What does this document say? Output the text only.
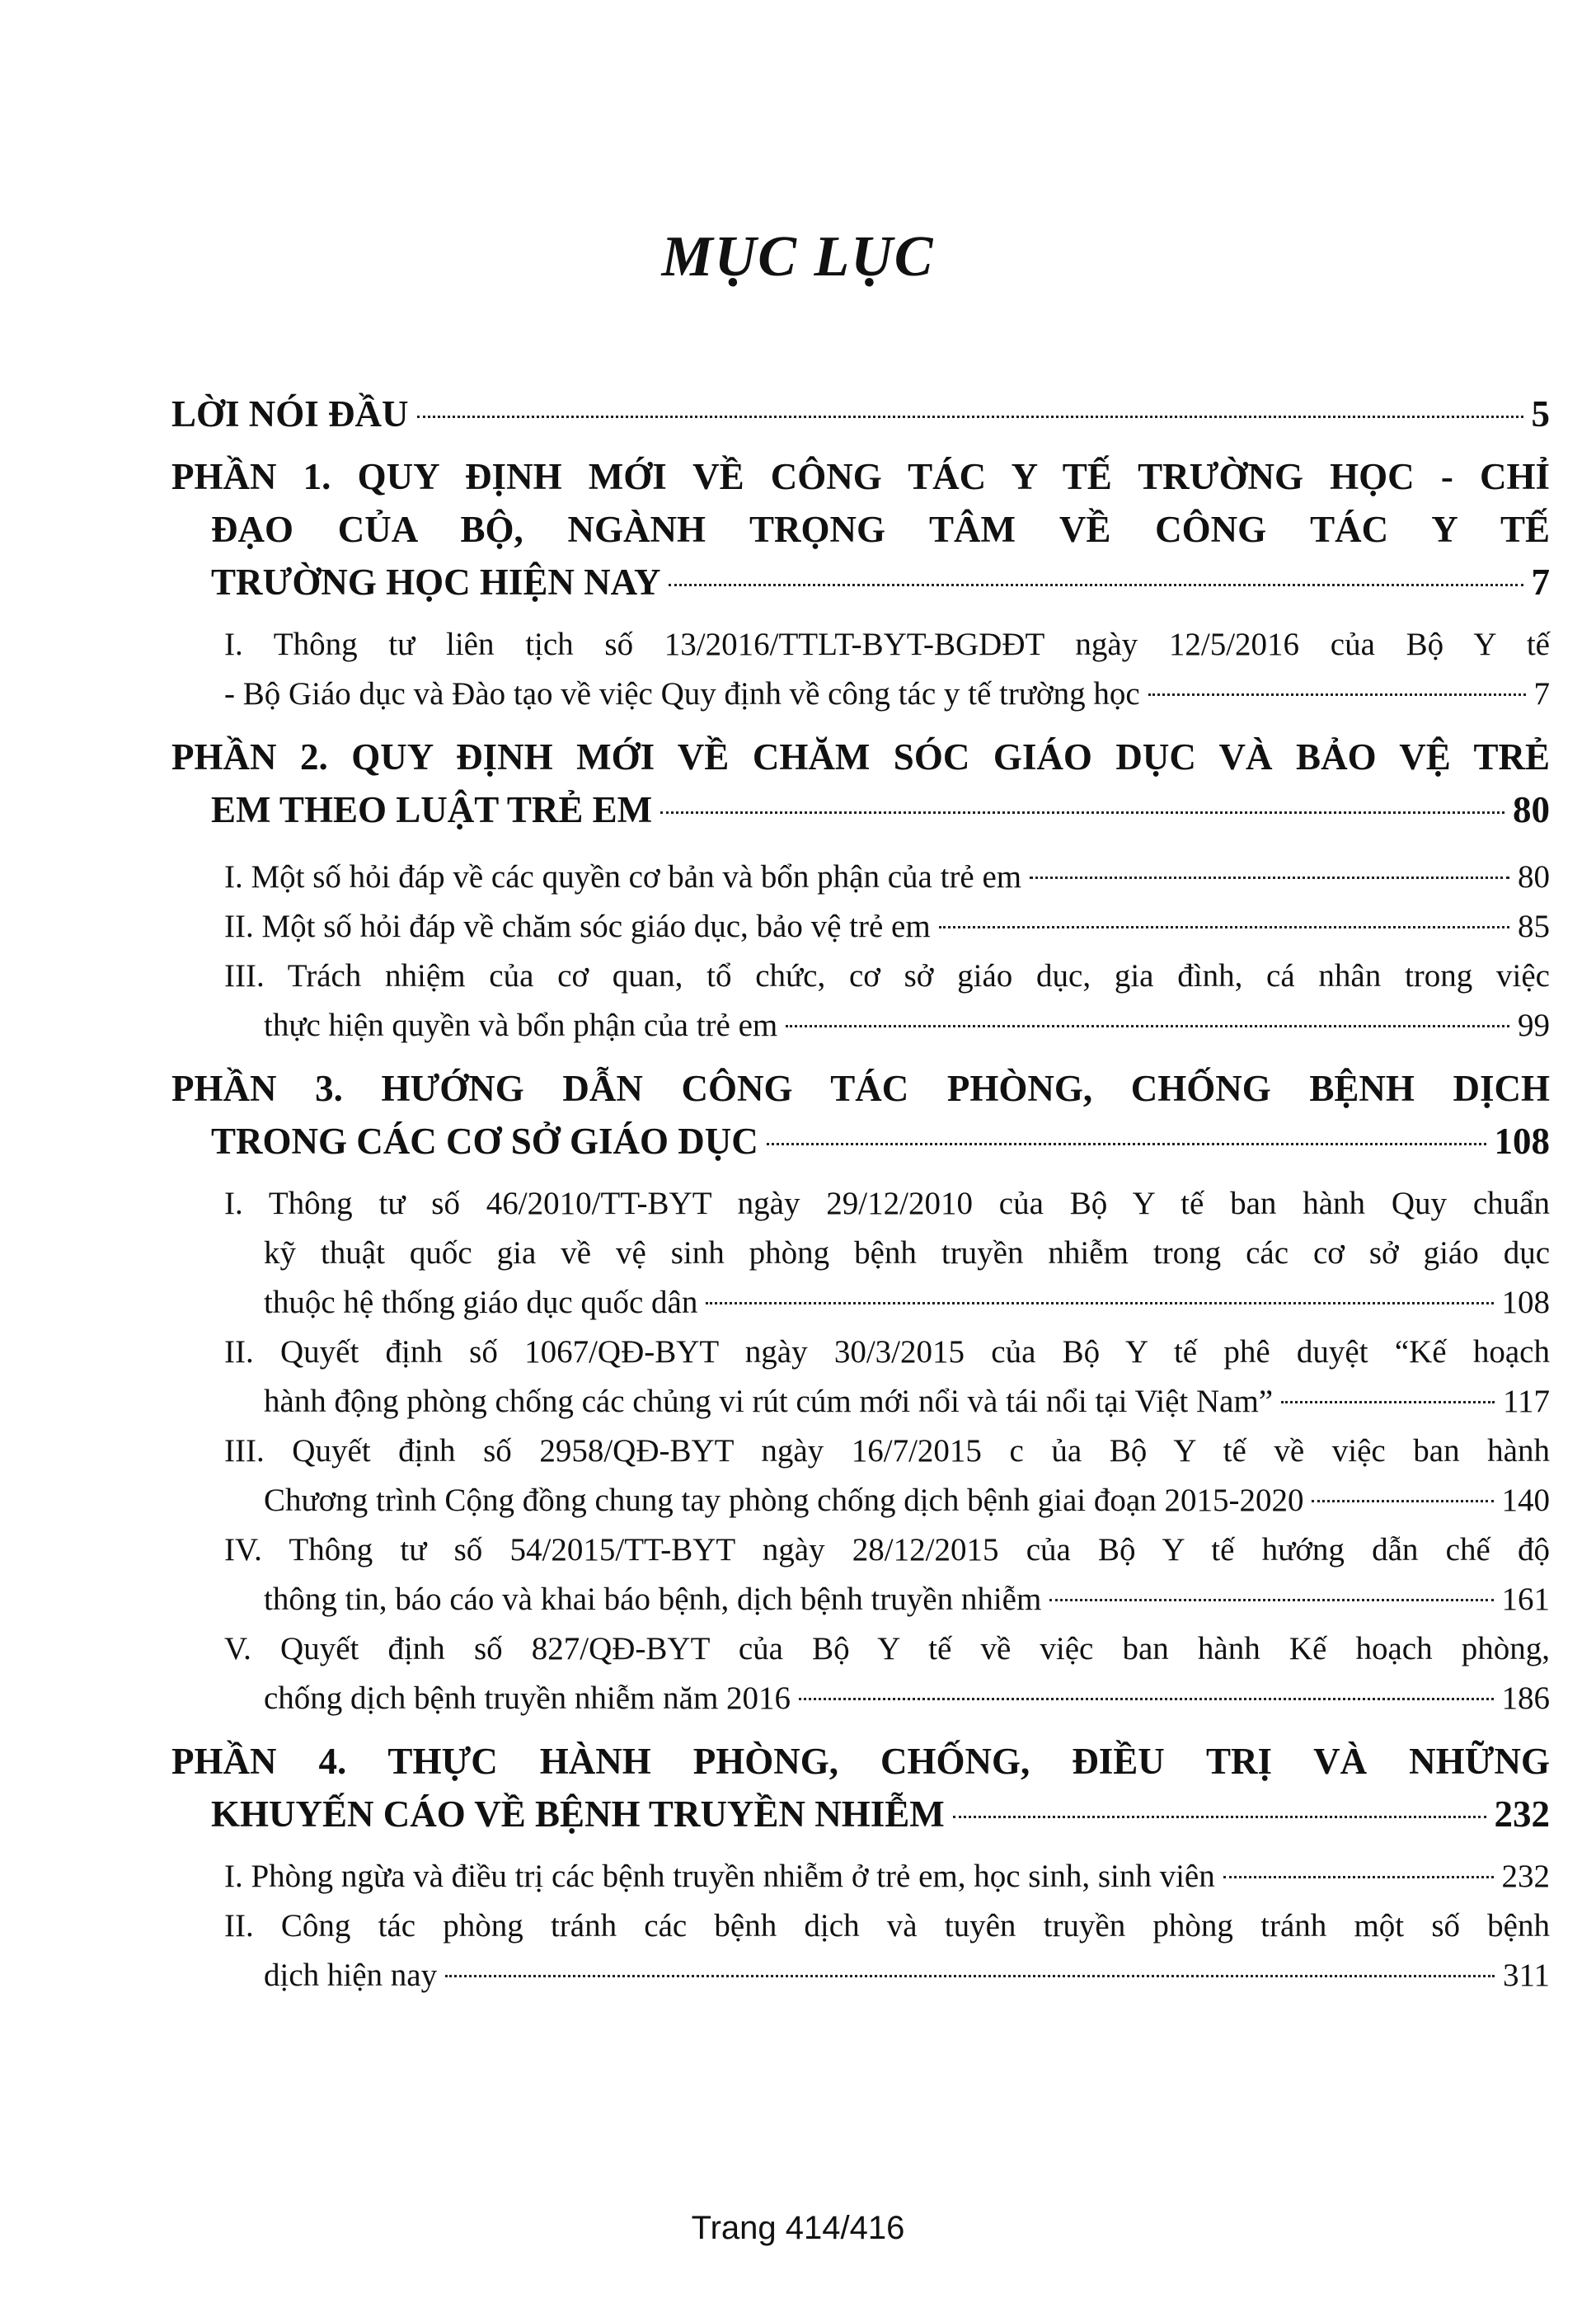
MỤC LỤC
LỜI NÓI ĐẦU	5
PHẦN 1. QUY ĐỊNH MỚI VỀ CÔNG TÁC Y TẾ TRƯỜNG HỌC - CHỈ
ĐẠO CỦA BỘ, NGÀNH TRỌNG TÂM VỀ CÔNG TÁC Y TẾ
TRƯỜNG HỌC HIỆN NAY	7
I. Thông tư liên tịch số 13/2016/TTLT-BYT-BGDĐT ngày 12/5/2016 của Bộ Y tế
- Bộ Giáo dục và Đào tạo về việc Quy định về công tác y tế trường học	7
PHẦN 2. QUY ĐỊNH MỚI VỀ CHĂM SÓC GIÁO DỤC VÀ BẢO VỆ TRẺ
EM THEO LUẬT TRẺ EM	80
I. Một số hỏi đáp về các quyền cơ bản và bổn phận của trẻ em	80
II. Một số hỏi đáp về chăm sóc giáo dục, bảo vệ trẻ em	85
III. Trách nhiệm của cơ quan, tổ chức, cơ sở giáo dục, gia đình, cá nhân trong việc
thực hiện quyền và bổn phận của trẻ em	99
PHẦN 3. HƯỚNG DẪN CÔNG TÁC PHÒNG, CHỐNG BỆNH DỊCH
TRONG CÁC CƠ SỞ GIÁO DỤC	108
I. Thông tư số 46/2010/TT-BYT ngày 29/12/2010 của Bộ Y tế ban hành Quy chuẩn
kỹ thuật quốc gia về vệ sinh phòng bệnh truyền nhiễm trong các cơ sở giáo dục
thuộc hệ thống giáo dục quốc dân	108
II. Quyết định số 1067/QĐ-BYT ngày 30/3/2015 của Bộ Y tế phê duyệt “Kế hoạch
hành động phòng chống các chủng vi rút cúm mới nổi và tái nổi tại Việt Nam”	117
III. Quyết định số 2958/QĐ-BYT ngày 16/7/2015 c ủa Bộ Y tế về việc ban hành
Chương trình Cộng đồng chung tay phòng chống dịch bệnh giai đoạn 2015-2020	140
IV. Thông tư số 54/2015/TT-BYT ngày 28/12/2015 của Bộ Y tế hướng dẫn chế độ
thông tin, báo cáo và khai báo bệnh, dịch bệnh truyền nhiễm	161
V. Quyết định số 827/QĐ-BYT của Bộ Y tế về việc ban hành Kế hoạch phòng,
chống dịch bệnh truyền nhiễm năm 2016	186
PHẦN 4. THỰC HÀNH PHÒNG, CHỐNG, ĐIỀU TRỊ VÀ NHỮNG
KHUYẾN CÁO VỀ BỆNH TRUYỀN NHIỄM	232
I. Phòng ngừa và điều trị các bệnh truyền nhiễm ở trẻ em, học sinh, sinh viên	232
II. Công tác phòng tránh các bệnh dịch và tuyên truyền phòng tránh một số bệnh
dịch hiện nay	311
Trang 414/416
